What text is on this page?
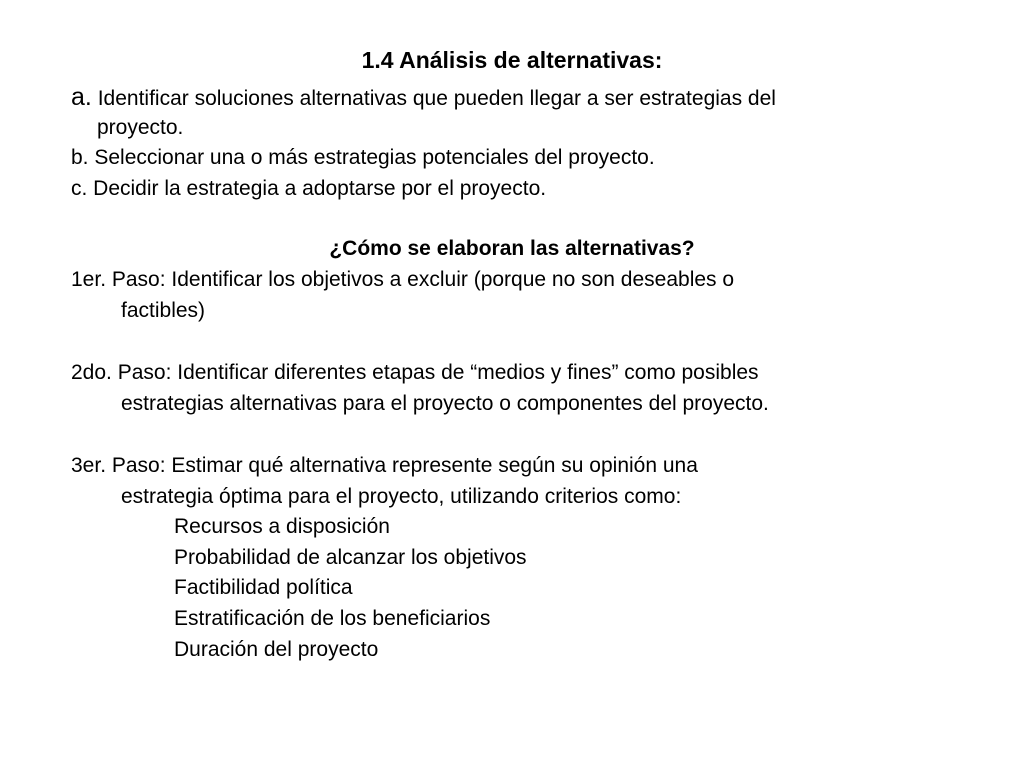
1.4 Análisis de alternativas:
a. Identificar soluciones alternativas que pueden llegar a ser estrategias del
proyecto.
b. Seleccionar una o más estrategias potenciales del proyecto.
c. Decidir la estrategia a adoptarse por el proyecto.
¿Cómo se elaboran las alternativas?
1er. Paso: Identificar los objetivos a excluir (porque no son deseables o
factibles)
2do. Paso: Identificar diferentes etapas de “medios y fines” como posibles
estrategias alternativas para el proyecto o componentes del proyecto.
3er. Paso: Estimar qué alternativa represente según su opinión una
estrategia óptima para el proyecto, utilizando criterios como:
Recursos a disposición
Probabilidad de alcanzar los objetivos
Factibilidad política
Estratificación de los beneficiarios
Duración del proyecto
